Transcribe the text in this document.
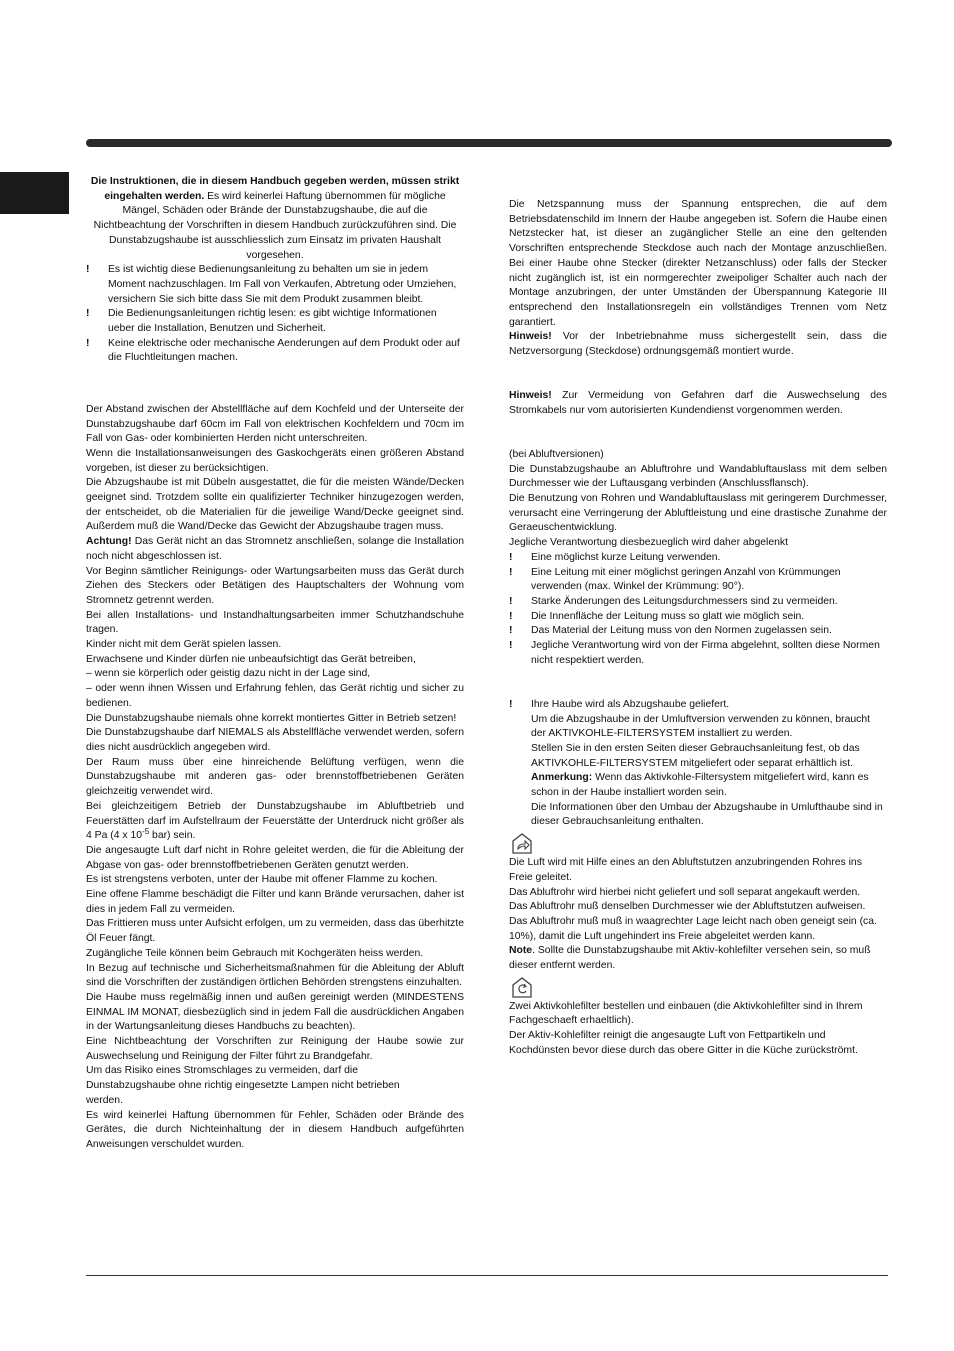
Die Instruktionen, die in diesem Handbuch gegeben werden, müssen strikt eingehalten werden. Es wird keinerlei Haftung übernommen für mögliche Mängel, Schäden oder Brände der Dunstabzugshaube, die auf die Nichtbeachtung der Vorschriften in diesem Handbuch zurückzuführen sind. Die Dunstabzugshaube ist ausschliesslich zum Einsatz im privaten Haushalt vorgesehen.

!	Es ist wichtig diese Bedienungsanleitung zu behalten um sie in jedem Moment nachzuschlagen. Im Fall von Verkaufen, Abtretung oder Umziehen, versichern Sie sich bitte dass Sie mit dem Produkt zusammen bleibt.
!	Die Bedienungsanleitungen richtig lesen: es gibt wichtige Informationen ueber die Installation, Benutzen und Sicherheit.
!	Keine elektrische oder mechanische Aenderungen auf dem Produkt oder auf die Fluchtleitungen machen.

Der Abstand zwischen der Abstellfläche auf dem Kochfeld und der Unterseite der Dunstabzugshaube darf 60cm im Fall von elektrischen Kochfeldern und 70cm im Fall von Gas- oder kombinierten Herden nicht unterschreiten.

Wenn die Installationsanweisungen des Gaskochgeräts einen größeren Abstand vorgeben, ist dieser zu berücksichtigen.

Die Abzugshaube ist mit Dübeln ausgestattet, die für die meisten Wände/Decken geeignet sind. Trotzdem sollte ein qualifizierter Techniker hinzugezogen werden, der entscheidet, ob die Materialien für die jeweilige Wand/Decke geeignet sind. Außerdem muß die Wand/Decke das Gewicht der Abzugshaube tragen muss.

Achtung! Das Gerät nicht an das Stromnetz anschließen, solange die Installation noch nicht abgeschlossen ist.

Vor Beginn sämtlicher Reinigungs- oder Wartungsarbeiten muss das Gerät durch Ziehen des Steckers oder Betätigen des Hauptschalters der Wohnung vom Stromnetz getrennt werden.

Bei allen Installations- und Instandhaltungsarbeiten immer Schutzhandschuhe tragen.

Kinder nicht mit dem Gerät spielen lassen.

Erwachsene und Kinder dürfen nie unbeaufsichtigt das Gerät betreiben,

– wenn sie körperlich oder geistig dazu nicht in der Lage sind,

– oder wenn ihnen Wissen und Erfahrung fehlen, das Gerät richtig und sicher zu bedienen.

Die Dunstabzugshaube niemals ohne korrekt montiertes Gitter in Betrieb setzen!

Die Dunstabzugshaube darf NIEMALS als Abstellfläche verwendet werden, sofern dies nicht ausdrücklich angegeben wird.

Der Raum muss über eine hinreichende Belüftung verfügen, wenn die Dunstabzugshaube mit anderen gas- oder brennstoffbetriebenen Geräten gleichzeitig verwendet wird.

Bei gleichzeitigem Betrieb der Dunstabzugshaube im Abluftbetrieb und Feuerstätten darf im Aufstellraum der Feuerstätte der Unterdruck nicht größer als 4 Pa (4 x $10^{-5}$ bar) sein.

Die angesaugte Luft darf nicht in Rohre geleitet werden, die für die Ableitung der Abgase von gas- oder brennstoffbetriebenen Geräten genutzt werden.

Es ist strengstens verboten, unter der Haube mit offener Flamme zu kochen.

Eine offene Flamme beschädigt die Filter und kann Brände verursachen, daher ist dies in jedem Fall zu vermeiden.

Das Frittieren muss unter Aufsicht erfolgen, um zu vermeiden, dass das überhitzte Öl Feuer fängt.

Zugängliche Teile können beim Gebrauch mit Kochgeräten heiss werden.

In Bezug auf technische und Sicherheitsmaßnahmen für die Ableitung der Abluft sind die Vorschriften der zuständigen örtlichen Behörden strengstens einzuhalten.

Die Haube muss regelmäßig innen und außen gereinigt werden (MINDESTENS EINMAL IM MONAT, diesbezüglich sind in jedem Fall die ausdrücklichen Angaben in der Wartungsanleitung dieses Handbuchs zu beachten).

Eine Nichtbeachtung der Vorschriften zur Reinigung der Haube sowie zur Auswechselung und Reinigung der Filter führt zu Brandgefahr.

Um das Risiko eines Stromschlages zu vermeiden, darf die

Dunstabzugshaube ohne richtig eingesetzte Lampen nicht betrieben

werden.

Es wird keinerlei Haftung übernommen für Fehler, Schäden oder Brände des Gerätes, die durch Nichteinhaltung der in diesem Handbuch aufgeführten Anweisungen verschuldet wurden.

Die Netzspannung muss der Spannung entsprechen, die auf dem Betriebsdatenschild im Innern der Haube angegeben ist. Sofern die Haube einen Netzstecker hat, ist dieser an zugänglicher Stelle an eine den geltenden Vorschriften entsprechende Steckdose auch nach der Montage anzuschließen. Bei einer Haube ohne Stecker (direkter Netzanschluss) oder falls der Stecker nicht zugänglich ist, ist ein normgerechter zweipoliger Schalter auch nach der Montage anzubringen, der unter Umständen der Überspannung Kategorie III entsprechend den Installationsregeln ein vollständiges Trennen vom Netz garantiert.

Hinweis! Vor der Inbetriebnahme muss sichergestellt sein, dass die Netzversorgung (Steckdose) ordnungsgemäß montiert wurde.

Hinweis! Zur Vermeidung von Gefahren darf die Auswechselung des Stromkabels nur vom autorisierten Kundendienst vorgenommen werden.

(bei Abluftversionen)

Die Dunstabzugshaube an Abluftrohre und Wandabluftauslass mit dem selben Durchmesser wie der Luftausgang verbinden (Anschlussflansch).

Die Benutzung von Rohren und Wandabluftauslass mit geringerem Durchmesser, verursacht eine Verringerung der Abluftleistung und eine drastische Zunahme der Geraeuschentwicklung.

Jegliche Verantwortung diesbezueglich wird daher abgelenkt

!	Eine möglichst kurze Leitung verwenden.
!	Eine Leitung mit einer möglichst geringen Anzahl von Krümmungen verwenden (max. Winkel der Krümmung: 90°).
!	Starke Änderungen des Leitungsdurchmessers sind zu vermeiden.
!	Die Innenfläche der Leitung muss so glatt wie möglich sein.
!	Das Material der Leitung muss von den Normen zugelassen sein.
!	Jegliche Verantwortung wird von der Firma abgelehnt, sollten diese Normen nicht respektiert werden.
!	Ihre Haube wird als Abzugshaube geliefert.

Um die Abzugshaube in der Umluftversion verwenden zu können, braucht der AKTIVKOHLE-FILTERSYSTEM installiert zu werden.

Stellen Sie in den ersten Seiten dieser Gebrauchsanleitung fest, ob das AKTIVKOHLE-FILTERSYSTEM mitgeliefert oder separat erhältlich ist.

Anmerkung: Wenn das Aktivkohle-Filtersystem mitgeliefert wird, kann es schon in der Haube installiert worden sein.

Die Informationen über den Umbau der Abzugshaube in Umlufthaube sind in dieser Gebrauchsanleitung enthalten.

Die Luft wird mit Hilfe eines an den Abluftstutzen anzubringenden Rohres ins Freie geleitet.

Das Abluftrohr wird hierbei nicht geliefert und soll separat angekauft werden.

Das Abluftrohr muß denselben Durchmesser wie der Abluftstutzen aufweisen.

Das Abluftrohr muß muß in waagrechter Lage leicht nach oben geneigt sein (ca. 10%), damit die Luft ungehindert ins Freie abgeleitet werden kann.

Note. Sollte die Dunstabzugshaube mit Aktiv-kohlefilter versehen sein, so muß dieser entfernt werden.

Zwei Aktivkohlefilter bestellen und einbauen (die Aktivkohlefilter sind in Ihrem Fachgeschaeft erhaeltlich).

Der Aktiv-Kohlefilter reinigt die angesaugte Luft von Fettpartikeln und Kochdünsten bevor diese durch das obere Gitter in die Küche zurückströmt.
